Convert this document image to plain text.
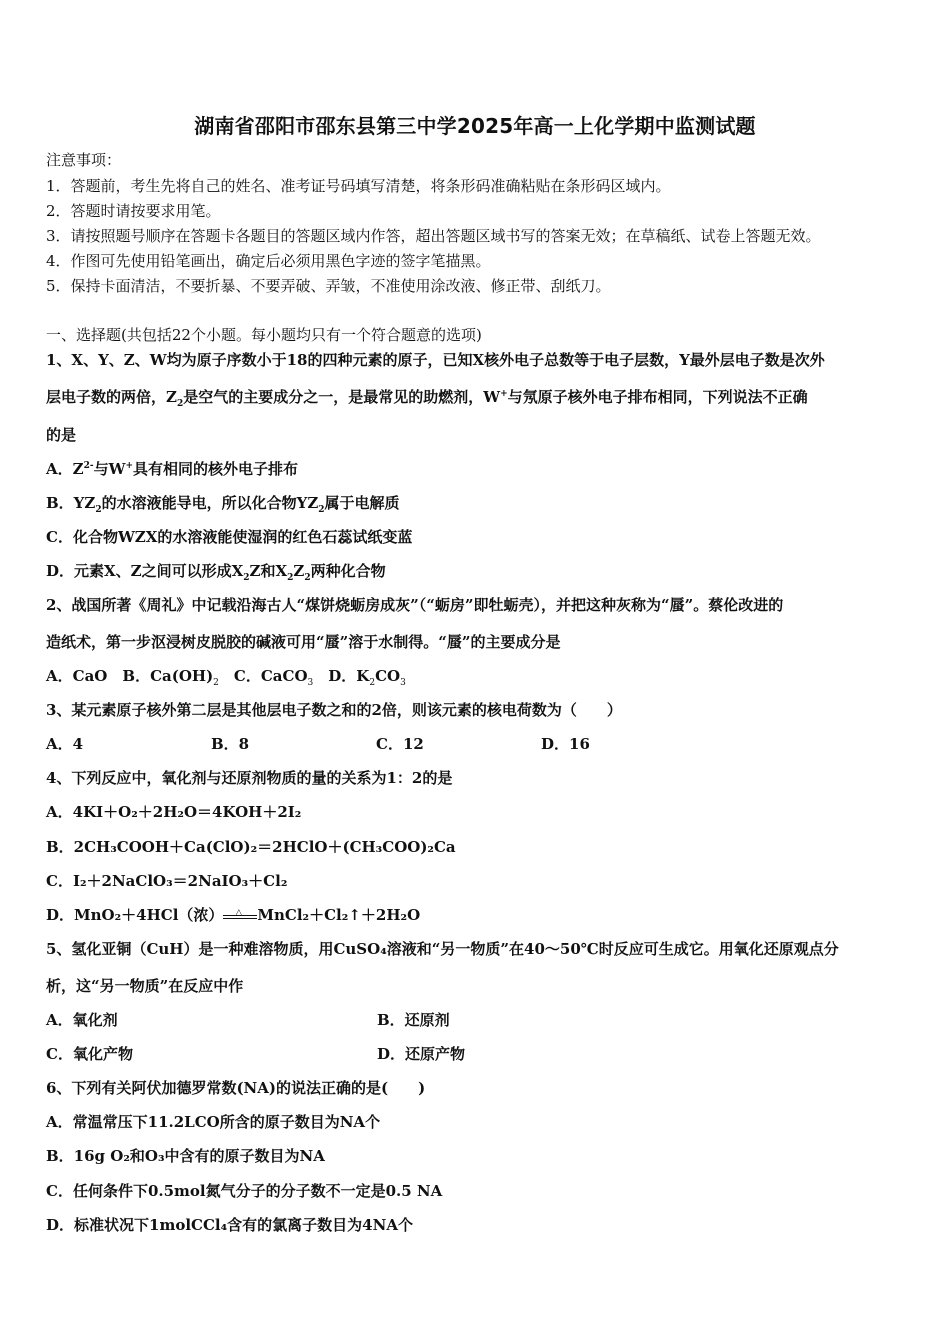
湖南省邵阳市邵东县第三中学2025年高一上化学期中监测试题
注意事项：
1．答题前，考生先将自己的姓名、准考证号码填写清楚，将条形码准确粘贴在条形码区域内。
2．答题时请按要求用笔。
3．请按照题号顺序在答题卡各题目的答题区域内作答，超出答题区域书写的答案无效；在草稿纸、试卷上答题无效。
4．作图可先使用铅笔画出，确定后必须用黑色字迹的签字笔描黑。
5．保持卡面清洁，不要折暴、不要弄破、弄皱，不准使用涂改液、修正带、刮纸刀。
一、选择题(共包括22个小题。每小题均只有一个符合题意的选项)
1、X、Y、Z、W均为原子序数小于18的四种元素的原子，已知X核外电子总数等于电子层数，Y最外层电子数是次外
层电子数的两倍，$Z_2$是空气的主要成分之一，是最常见的助燃剂，W+与氖原子核外电子排布相同，下列说法不正确
的是
A．$Z^{2-}$与W+具有相同的核外电子排布
B．$YZ_2$的水溶液能导电，所以化合物$YZ_2$属于电解质
C．化合物WZX的水溶液能使湿润的红色石蕊试纸变蓝
D．元素X、Z之间可以形成$X_2Z$和$X_2Z_2$两种化合物
2、战国所著《周礼》中记载沿海古人“煤饼烧蛎房成灰”（“蛎房”即牡蛎壳），并把这种灰称为“蜃”。蔡伦改进的
造纸术，第一步沤浸树皮脱胶的碱液可用“蜃”溶于水制得。“蜃”的主要成分是
A．CaO　 B．$Ca(OH)_2$　 C．CaCO$_3$　 D．$K_2CO_3$
3、某元素原子核外第二层是其他层电子数之和的2倍，则该元素的核电荷数为（　　）
A．4	B．8	C．12	D．16
4、下列反应中，氧化剂与还原剂物质的量的关系为1：2的是
A．4KI＋O₂＋2H₂O＝4KOH＋2I₂
B．2CH₃COOH＋Ca(ClO)₂＝2HClO＋(CH₃COO)₂Ca
C．I₂＋2NaClO₃＝2NaIO₃＋Cl₂
D．MnO₂＋4HCl（浓） △ MnCl₂＋Cl₂↑＋2H₂O
5、氢化亚铜（CuH）是一种难溶物质，用CuSO₄溶液和“另一物质”在40～50℃时反应可生成它。用氧化还原观点分
析，这“另一物质”在反应中作
A．氧化剂	B．还原剂
C．氧化产物	D．还原产物
6、下列有关阿伏加德罗常数(NA)的说法正确的是(　　)
A．常温常压下11.2LCO所含的原子数目为NA个
B．16g O₂和O₃中含有的原子数目为NA
C．任何条件下0.5mol氮气分子的分子数不一定是0.5 NA
D．标准状况下1molCCl₄含有的氯离子数目为4NA个
